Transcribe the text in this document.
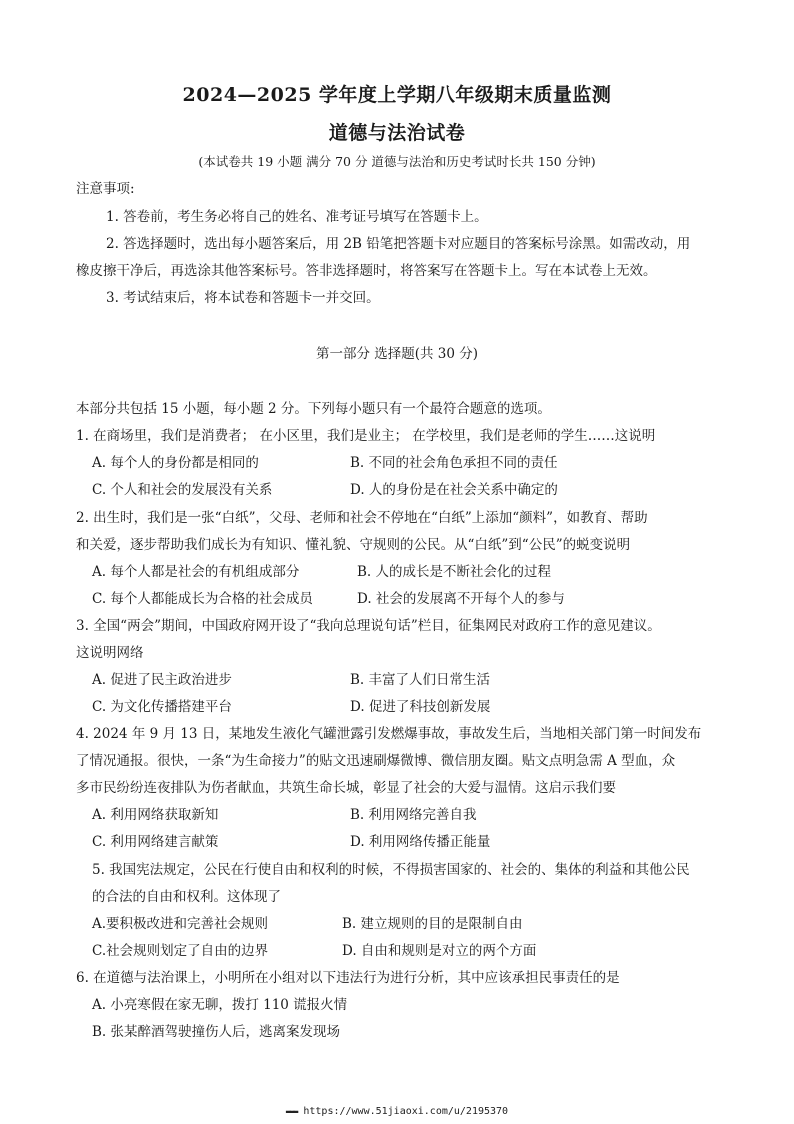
2024—2025 学年度上学期八年级期末质量监测
道德与法治试卷
(本试卷共 19 小题 满分 70 分 道德与法治和历史考试时长共 150 分钟)
注意事项:
1. 答卷前，考生务必将自己的姓名、准考证号填写在答题卡上。
2. 答选择题时，选出每小题答案后，用 2B 铅笔把答题卡对应题目的答案标号涂黑。如需改动，用
橡皮擦干净后，再选涂其他答案标号。答非选择题时，将答案写在答题卡上。写在本试卷上无效。
3. 考试结束后，将本试卷和答题卡一并交回。
第一部分 选择题(共 30 分)
本部分共包括 15 小题，每小题 2 分。下列每小题只有一个最符合题意的选项。
1. 在商场里，我们是消费者； 在小区里，我们是业主； 在学校里，我们是老师的学生……这说明
A. 每个人的身份都是相同的	B. 不同的社会角色承担不同的责任
C. 个人和社会的发展没有关系	D. 人的身份是在社会关系中确定的
2. 出生时，我们是一张“白纸”，父母、老师和社会不停地在“白纸”上添加“颜料”，如教育、帮助
和关爱，逐步帮助我们成长为有知识、懂礼貌、守规则的公民。从“白纸”到“公民”的蜕变说明
A. 每个人都是社会的有机组成部分	B. 人的成长是不断社会化的过程
C. 每个人都能成长为合格的社会成员	D. 社会的发展离不开每个人的参与
3. 全国“两会”期间，中国政府网开设了“我向总理说句话”栏目，征集网民对政府工作的意见建议。
这说明网络
A. 促进了民主政治进步	B. 丰富了人们日常生活
C. 为文化传播搭建平台	D. 促进了科技创新发展
4. 2024 年 9 月 13 日，某地发生液化气罐泄露引发燃爆事故，事故发生后，当地相关部门第一时间发布
了情况通报。很快，一条“为生命接力”的贴文迅速刷爆微博、微信朋友圈。贴文点明急需 A 型血，众
多市民纷纷连夜排队为伤者献血，共筑生命长城，彰显了社会的大爱与温情。这启示我们要
A. 利用网络获取新知	B. 利用网络完善自我
C. 利用网络建言献策	D. 利用网络传播正能量
5. 我国宪法规定，公民在行使自由和权利的时候，不得损害国家的、社会的、集体的利益和其他公民
的合法的自由和权利。这体现了
A.要积极改进和完善社会规则	B. 建立规则的目的是限制自由
C.社会规则划定了自由的边界	D. 自由和规则是对立的两个方面
6. 在道德与法治课上，小明所在小组对以下违法行为进行分析，其中应该承担民事责任的是
A. 小亮寒假在家无聊，拨打 110 谎报火情
B. 张某醉酒驾驶撞伤人后，逃离案发现场
▬▬▬ https://www.51jiaoxi.com/u/2195370
